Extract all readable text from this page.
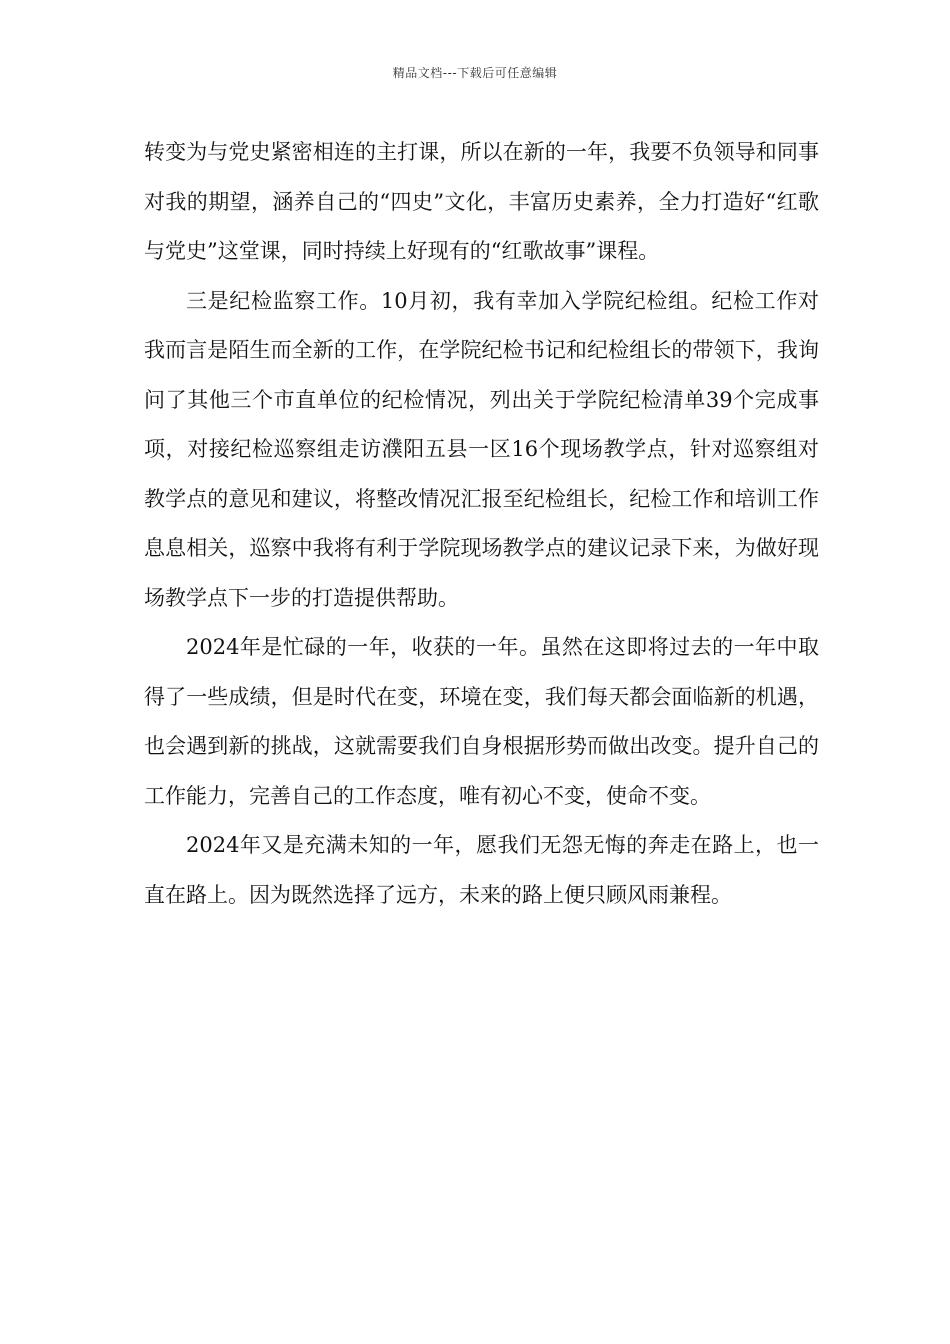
精品文档---下载后可任意编辑

转变为与党史紧密相连的主打课，所以在新的一年，我要不负领导和同事对我的期望，涵养自己的“四史”文化，丰富历史素养，全力打造好“红歌与党史”这堂课，同时持续上好现有的“红歌故事”课程。

三是纪检监察工作。10月初，我有幸加入学院纪检组。纪检工作对我而言是陌生而全新的工作，在学院纪检书记和纪检组长的带领下，我询问了其他三个市直单位的纪检情况，列出关于学院纪检清单39个完成事项，对接纪检巡察组走访濮阳五县一区16个现场教学点，针对巡察组对教学点的意见和建议，将整改情况汇报至纪检组长，纪检工作和培训工作息息相关，巡察中我将有利于学院现场教学点的建议记录下来，为做好现场教学点下一步的打造提供帮助。

2024年是忙碌的一年，收获的一年。虽然在这即将过去的一年中取得了一些成绩，但是时代在变，环境在变，我们每天都会面临新的机遇，也会遇到新的挑战，这就需要我们自身根据形势而做出改变。提升自己的工作能力，完善自己的工作态度，唯有初心不变，使命不变。

2024年又是充满未知的一年，愿我们无怨无悔的奔走在路上，也一直在路上。因为既然选择了远方，未来的路上便只顾风雨兼程。
